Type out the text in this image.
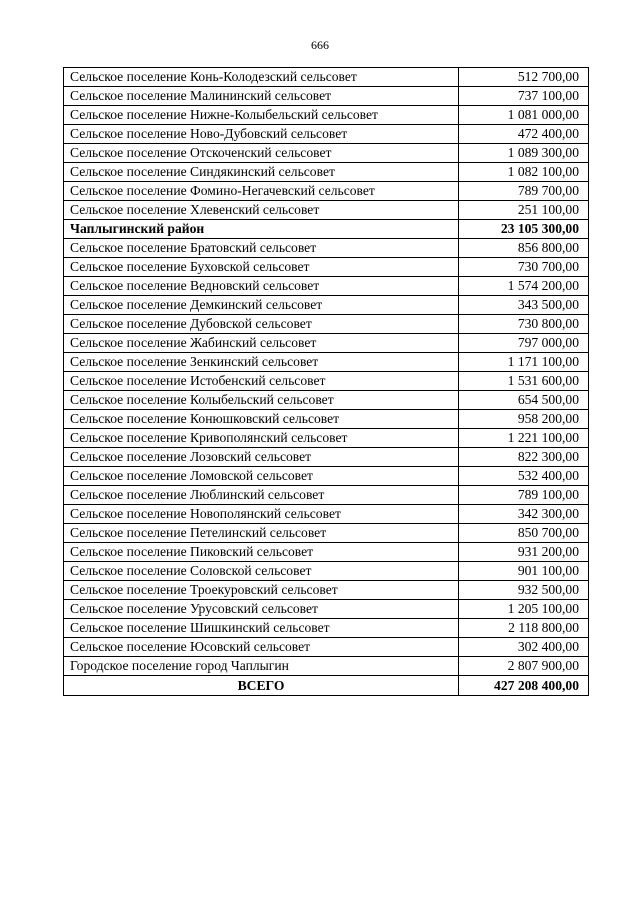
666
Сельское поселение Конь-Колодезский сельсовет	512 700,00
Сельское поселение Малининский сельсовет	737 100,00
Сельское поселение Нижне-Колыбельский сельсовет	1 081 000,00
Сельское поселение Ново-Дубовский сельсовет	472 400,00
Сельское поселение Отскоченский сельсовет	1 089 300,00
Сельское поселение Синдякинский сельсовет	1 082 100,00
Сельское поселение Фомино-Негачевский сельсовет	789 700,00
Сельское поселение Хлевенский сельсовет	251 100,00
Чаплыгинский район	23 105 300,00
Сельское поселение Братовский сельсовет	856 800,00
Сельское поселение Буховской сельсовет	730 700,00
Сельское поселение Ведновский сельсовет	1 574 200,00
Сельское поселение Демкинский сельсовет	343 500,00
Сельское поселение Дубовской сельсовет	730 800,00
Сельское поселение Жабинский сельсовет	797 000,00
Сельское поселение Зенкинский сельсовет	1 171 100,00
Сельское поселение Истобенский сельсовет	1 531 600,00
Сельское поселение Колыбельский сельсовет	654 500,00
Сельское поселение Конюшковский сельсовет	958 200,00
Сельское поселение Кривополянский сельсовет	1 221 100,00
Сельское поселение Лозовский сельсовет	822 300,00
Сельское поселение Ломовской сельсовет	532 400,00
Сельское поселение Люблинский сельсовет	789 100,00
Сельское поселение Новополянский сельсовет	342 300,00
Сельское поселение Петелинский сельсовет	850 700,00
Сельское поселение Пиковский сельсовет	931 200,00
Сельское поселение Соловской сельсовет	901 100,00
Сельское поселение Троекуровский сельсовет	932 500,00
Сельское поселение Урусовский сельсовет	1 205 100,00
Сельское поселение Шишкинский сельсовет	2 118 800,00
Сельское поселение Юсовский сельсовет	302 400,00
Городское поселение город Чаплыгин	2 807 900,00
ВСЕГО	427 208 400,00
